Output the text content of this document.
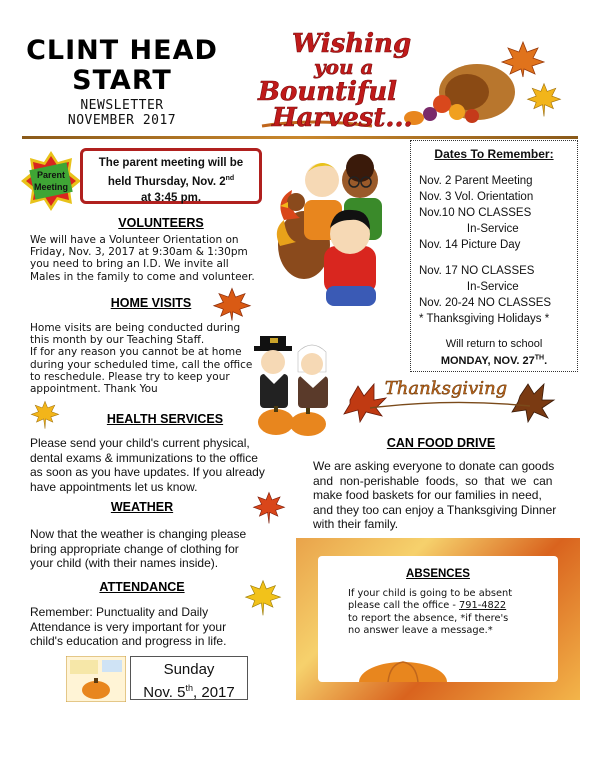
CLINT HEAD
START
NEWSLETTER
NOVEMBER 2017
Wishing
you a
Bountiful
Harvest...
Parent
Meeting
The parent meeting will be
held Thursday, Nov. 2nd
at 3:45 pm.
VOLUNTEERS
We will have a Volunteer Orientation on
Friday, Nov. 3, 2017 at 9:30am & 1:30pm
you need to bring an I.D. We invite all
Males in the family to come and volunteer.
HOME VISITS
Home visits are being conducted during
this month by our Teaching Staff.
If for any reason you cannot be at home
during your scheduled time, call the office
to reschedule. Please try to keep your
appointment. Thank You
HEALTH SERVICES
Please send your child's current physical,
dental exams & immunizations to the office
as soon as you have updates. If you already
have appointments let us know.
WEATHER
Now that the weather is changing please
bring appropriate change of clothing for
your child (with their names inside).
ATTENDANCE
Remember: Punctuality and Daily
Attendance is very important for your
child's education and progress in life.
Sunday
Nov. 5th, 2017
Dates To Remember:
Nov. 2 Parent Meeting
Nov. 3 Vol. Orientation
Nov.10 NO CLASSES
In-Service
Nov. 14 Picture Day
Nov. 17 NO CLASSES
In-Service
Nov. 20-24 NO CLASSES
* Thanksgiving Holidays *
Will return to school
MONDAY, NOV. 27TH.
Thanksgiving
CAN FOOD DRIVE
We are asking everyone to donate can goods
and  non-perishable  foods,  so  that  we  can
make food baskets for our families in need,
and they too can enjoy a Thanksgiving Dinner
with their family.
ABSENCES
If your child is going to be absent
please call the office - 791-4822
to report the absence, *if there's
no answer leave a message.*
